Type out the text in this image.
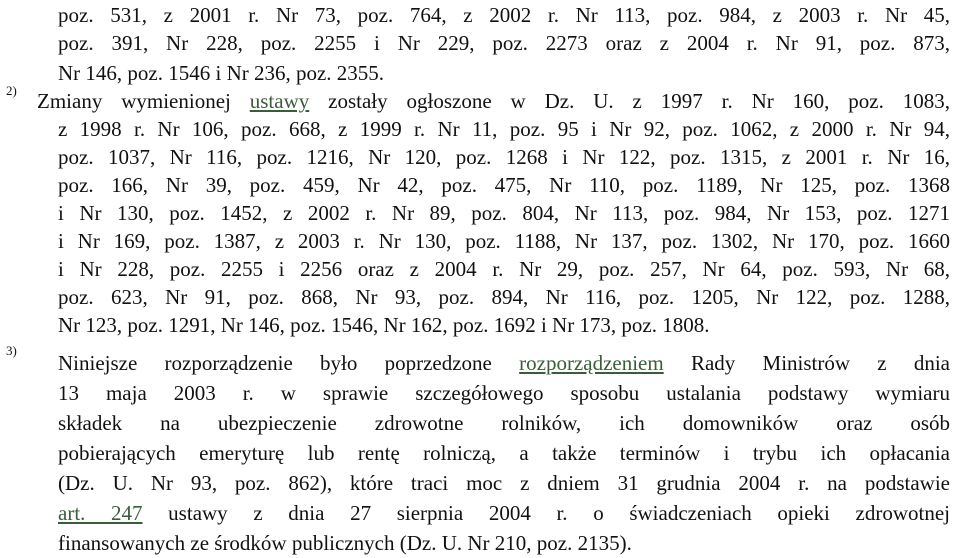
poz. 531, z 2001 r. Nr 73, poz. 764, z 2002 r. Nr 113, poz. 984, z 2003 r. Nr 45,
poz. 391, Nr 228, poz. 2255 i Nr 229, poz. 2273 oraz z 2004 r. Nr 91, poz. 873,
Nr 146, poz. 1546 i Nr 236, poz. 2355.
2) Zmiany wymienionej ustawy zostały ogłoszone w Dz. U. z 1997 r. Nr 160, poz. 1083,
z 1998 r. Nr 106, poz. 668, z 1999 r. Nr 11, poz. 95 i Nr 92, poz. 1062, z 2000 r. Nr 94,
poz. 1037, Nr 116, poz. 1216, Nr 120, poz. 1268 i Nr 122, poz. 1315, z 2001 r. Nr 16,
poz. 166, Nr 39, poz. 459, Nr 42, poz. 475, Nr 110, poz. 1189, Nr 125, poz. 1368
i Nr 130, poz. 1452, z 2002 r. Nr 89, poz. 804, Nr 113, poz. 984, Nr 153, poz. 1271
i Nr 169, poz. 1387, z 2003 r. Nr 130, poz. 1188, Nr 137, poz. 1302, Nr 170, poz. 1660
i Nr 228, poz. 2255 i 2256 oraz z 2004 r. Nr 29, poz. 257, Nr 64, poz. 593, Nr 68,
poz. 623, Nr 91, poz. 868, Nr 93, poz. 894, Nr 116, poz. 1205, Nr 122, poz. 1288,
Nr 123, poz. 1291, Nr 146, poz. 1546, Nr 162, poz. 1692 i Nr 173, poz. 1808.
3)
Niniejsze rozporządzenie było poprzedzone rozporządzeniem Rady Ministrów z dnia
13 maja 2003 r. w sprawie szczegółowego sposobu ustalania podstawy wymiaru
składek na ubezpieczenie zdrowotne rolników, ich domowników oraz osób
pobierających emeryturę lub rentę rolniczą, a także terminów i trybu ich opłacania
(Dz. U. Nr 93, poz. 862), które traci moc z dniem 31 grudnia 2004 r. na podstawie
art. 247 ustawy z dnia 27 sierpnia 2004 r. o świadczeniach opieki zdrowotnej
finansowanych ze środków publicznych (Dz. U. Nr 210, poz. 2135).
